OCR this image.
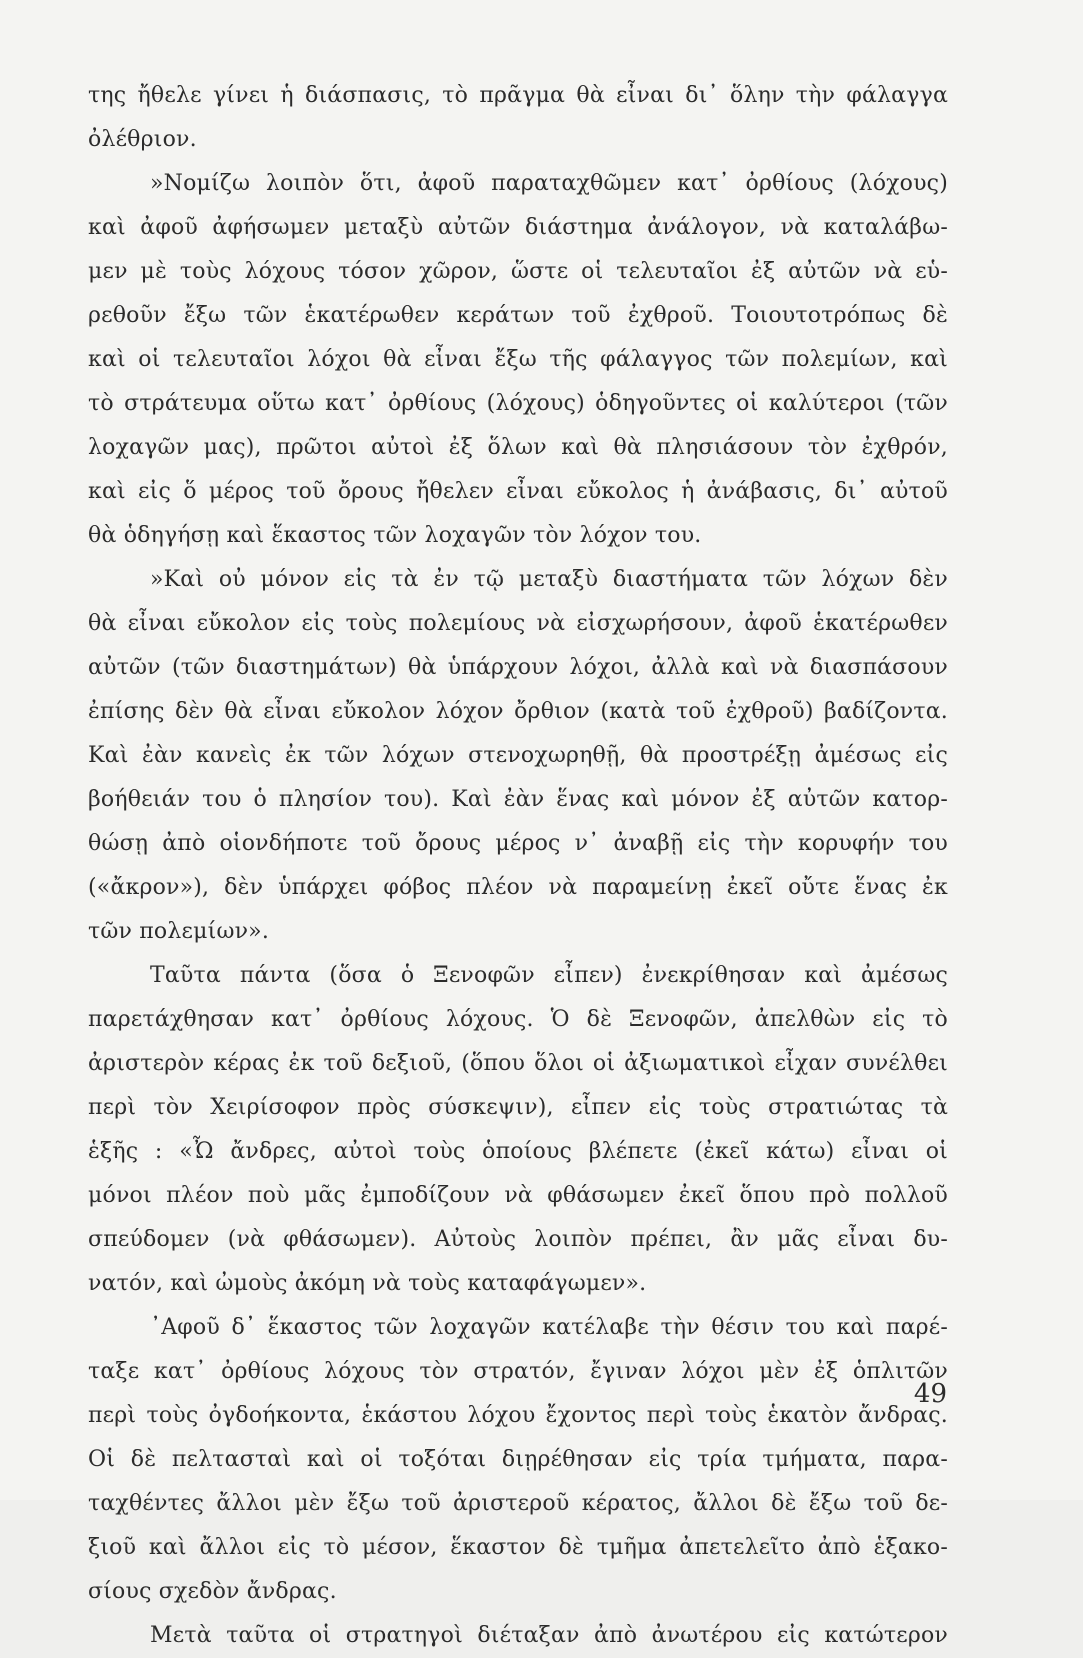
της ἤθελε γίνει ἡ διάσπασις, τὸ πρᾶγμα θὰ εἶναι δι᾽ ὅλην τὴν φάλαγγα
ὀλέθριον.
»Νομίζω λοιπὸν ὅτι, ἀφοῦ παραταχθῶμεν κατ᾽ ὀρθίους (λόχους)
καὶ ἀφοῦ ἀφήσωμεν μεταξὺ αὐτῶν διάστημα ἀνάλογον, νὰ καταλάβω-
μεν μὲ τοὺς λόχους τόσον χῶρον, ὥστε οἱ τελευταῖοι ἐξ αὐτῶν νὰ εὑ-
ρεθοῦν ἔξω τῶν ἑκατέρωθεν κεράτων τοῦ ἐχθροῦ. Τοιουτοτρόπως δὲ
καὶ οἱ τελευταῖοι λόχοι θὰ εἶναι ἔξω τῆς φάλαγγος τῶν πολεμίων, καὶ
τὸ στράτευμα οὕτω κατ᾽ ὀρθίους (λόχους) ὁδηγοῦντες οἱ καλύτεροι (τῶν
λοχαγῶν μας), πρῶτοι αὐτοὶ ἐξ ὅλων καὶ θὰ πλησιάσουν τὸν ἐχθρόν,
καὶ εἰς ὅ μέρος τοῦ ὄρους ἤθελεν εἶναι εὔκολος ἡ ἀνάβασις, δι᾽ αὐτοῦ
θὰ ὁδηγήσῃ καὶ ἕκαστος τῶν λοχαγῶν τὸν λόχον του.
»Καὶ οὐ μόνον εἰς τὰ ἐν τῷ μεταξὺ διαστήματα τῶν λόχων δὲν
θὰ εἶναι εὔκολον εἰς τοὺς πολεμίους νὰ εἰσχωρήσουν, ἀφοῦ ἑκατέρωθεν
αὐτῶν (τῶν διαστημάτων) θὰ ὑπάρχουν λόχοι, ἀλλὰ καὶ νὰ διασπάσουν
ἐπίσης δὲν θὰ εἶναι εὔκολον λόχον ὄρθιον (κατὰ τοῦ ἐχθροῦ) βαδίζοντα.
Καὶ ἐὰν κανεὶς ἐκ τῶν λόχων στενοχωρηθῇ, θὰ προστρέξῃ ἀμέσως εἰς
βοήθειάν του ὁ πλησίον του). Καὶ ἐὰν ἕνας καὶ μόνον ἐξ αὐτῶν κατορ-
θώσῃ ἀπὸ οἱονδήποτε τοῦ ὄρους μέρος ν᾽ ἀναβῇ εἰς τὴν κορυφήν του
(«ἄκρον»), δὲν ὑπάρχει φόβος πλέον νὰ παραμείνῃ ἐκεῖ οὔτε ἕνας ἐκ
τῶν πολεμίων».
Ταῦτα πάντα (ὅσα ὁ Ξενοφῶν εἶπεν) ἐνεκρίθησαν καὶ ἀμέσως
παρετάχθησαν κατ᾽ ὀρθίους λόχους. Ὁ δὲ Ξενοφῶν, ἀπελθὼν εἰς τὸ
ἀριστερὸν κέρας ἐκ τοῦ δεξιοῦ, (ὅπου ὅλοι οἱ ἀξιωματικοὶ εἶχαν συνέλθει
περὶ τὸν Χειρίσοφον πρὸς σύσκεψιν), εἶπεν εἰς τοὺς στρατιώτας τὰ
ἑξῆς : «Ὦ ἄνδρες, αὐτοὶ τοὺς ὁποίους βλέπετε (ἐκεῖ κάτω) εἶναι οἱ
μόνοι πλέον ποὺ μᾶς ἐμποδίζουν νὰ φθάσωμεν ἐκεῖ ὅπου πρὸ πολλοῦ
σπεύδομεν (νὰ φθάσωμεν). Αὐτοὺς λοιπὸν πρέπει, ἂν μᾶς εἶναι δυ-
νατόν, καὶ ὠμοὺς ἀκόμη νὰ τοὺς καταφάγωμεν».
᾽Αφοῦ δ᾽ ἕκαστος τῶν λοχαγῶν κατέλαβε τὴν θέσιν του καὶ παρέ-
ταξε κατ᾽ ὀρθίους λόχους τὸν στρατόν, ἔγιναν λόχοι μὲν ἐξ ὁπλιτῶν
περὶ τοὺς ὀγδοήκοντα, ἑκάστου λόχου ἔχοντος περὶ τοὺς ἑκατὸν ἄνδρας.
Οἱ δὲ πελτασταὶ καὶ οἱ τοξόται διῃρέθησαν εἰς τρία τμήματα, παρα-
ταχθέντες ἄλλοι μὲν ἔξω τοῦ ἀριστεροῦ κέρατος, ἄλλοι δὲ ἔξω τοῦ δε-
ξιοῦ καὶ ἄλλοι εἰς τὸ μέσον, ἕκαστον δὲ τμῆμα ἀπετελεῖτο ἀπὸ ἑξακο-
σίους σχεδὸν ἄνδρας.
Μετὰ ταῦτα οἱ στρατηγοὶ διέταξαν ἀπὸ ἀνωτέρου εἰς κατώτερον
49
